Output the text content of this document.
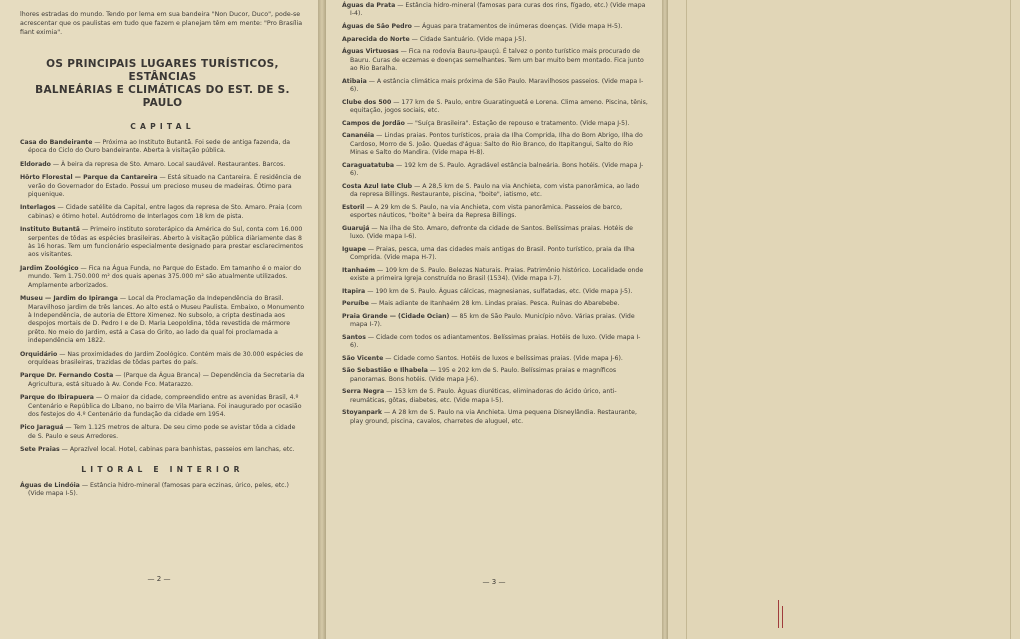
lhores estradas do mundo. Tendo por lema em sua bandeira "Non Ducor, Duco", pode-se acrescentar que os paulistas em tudo que fazem e planejam têm em mente: "Pro Brasília fiant eximia".

OS PRINCIPAIS LUGARES TURÍSTICOS, ESTÂNCIAS
BALNEÁRIAS E CLIMÁTICAS DO EST. DE S. PAULO
CAPITAL

Casa do Bandeirante — Próxima ao Instituto Butantã. Foi sede de antiga fazenda, da época do Ciclo do Ouro bandeirante. Aberta à visitação pública.

Eldorado — À beira da represa de Sto. Amaro. Local saudável. Restaurantes. Barcos.

Hôrto Florestal — Parque da Cantareira — Está situado na Cantareira. É residência de verão do Governador do Estado. Possui um precioso museu de madeiras. Ótimo para piquenique.

Interlagos — Cidade satélite da Capital, entre lagos da represa de Sto. Amaro. Praia (com cabinas) e ótimo hotel. Autódromo de Interlagos com 18 km de pista.

Instituto Butantã — Primeiro instituto soroterápico da América do Sul, conta com 16.000 serpentes de tôdas as espécies brasileiras. Aberto à visitação pública diàriamente das 8 às 16 horas. Tem um funcionário especialmente designado para prestar esclarecimentos aos visitantes.

Jardim Zoológico — Fica na Água Funda, no Parque do Estado. Em tamanho é o maior do mundo. Tem 1.750.000 m² dos quais apenas 375.000 m² são atualmente utilizados. Amplamente arborizados.

Museu — Jardim do Ipiranga — Local da Proclamação da Independência do Brasil. Maravilhoso jardim de três lances. Ao alto está o Museu Paulista. Embaixo, o Monumento à Independência, de autoria de Ettore Ximenez. No subsolo, a cripta destinada aos despojos mortais de D. Pedro I e de D. Maria Leopoldina, tôda revestida de mármore prêto. No meio do Jardim, está a Casa do Grito, ao lado da qual foi proclamada a independência em 1822.

Orquidário — Nas proximidades do Jardim Zoológico. Contém mais de 30.000 espécies de orquídeas brasileiras, trazidas de tôdas partes do país.

Parque Dr. Fernando Costa — (Parque da Água Branca) — Dependência da Secretaria da Agricultura, está situado à Av. Conde Fco. Matarazzo.

Parque do Ibirapuera — O maior da cidade, compreendido entre as avenidas Brasil, 4.º Centenário e República do Líbano, no bairro de Vila Mariana. Foi inaugurado por ocasião dos festejos do 4.º Centenário da fundação da cidade em 1954.

Pico Jaraguá — Tem 1.125 metros de altura. De seu cimo pode se avistar tôda a cidade de S. Paulo e seus Arredores.

Sete Praias — Aprazível local. Hotel, cabinas para banhistas, passeios em lanchas, etc.

LITORAL E INTERIOR

Águas de Lindóia — Estância hidro-mineral (famosas para eczinas, úrico, peles, etc.) (Vide mapa I-5).

— 2 —

Águas da Prata — Estância hidro-mineral (famosas para curas dos rins, fígado, etc.) (Vide mapa I-4).

Águas de São Pedro — Águas para tratamentos de inúmeras doenças. (Vide mapa H-5).

Aparecida do Norte — Cidade Santuário. (Vide mapa J-5).

Águas Virtuosas — Fica na rodovia Bauru-Ipauçú. É talvez o ponto turístico mais procurado de Bauru. Curas de eczemas e doenças semelhantes. Tem um bar muito bem montado. Fica junto ao Rio Baralha.

Atibaia — A estância climática mais próxima de São Paulo. Maravilhosos passeios. (Vide mapa I-6).

Clube dos 500 — 177 km de S. Paulo, entre Guaratinguetá e Lorena. Clima ameno. Piscina, tênis, equitação, jogos sociais, etc.

Campos de Jordão — "Suíça Brasileira". Estação de repouso e tratamento. (Vide mapa J-5).

Cananéia — Lindas praias. Pontos turísticos, praia da Ilha Comprida, Ilha do Bom Abrigo, Ilha do Cardoso, Morro de S. João. Quedas d'água: Salto do Rio Branco, do Itapitangui, Salto do Rio Minas e Salto do Mandira. (Vide mapa H-8).

Caraguatatuba — 192 km de S. Paulo. Agradável estância balneária. Bons hotéis. (Vide mapa J-6).

Costa Azul Iate Club — A 28,5 km de S. Paulo na via Anchieta, com vista panorâmica, ao lado da represa Billings. Restaurante, piscina, "boite", iatismo, etc.

Estoril — A 29 km de S. Paulo, na via Anchieta, com vista panorâmica. Passeios de barco, esportes náuticos, "boite" à beira da Represa Billings.

Guarujá — Na ilha de Sto. Amaro, defronte da cidade de Santos. Belíssimas praias. Hotéis de luxo. (Vide mapa I-6).

Iguape — Praias, pesca, uma das cidades mais antigas do Brasil. Ponto turístico, praia da Ilha Comprida. (Vide mapa H-7).

Itanhaém — 109 km de S. Paulo. Belezas Naturais. Praias. Patrimônio histórico. Localidade onde existe a primeira Igreja construída no Brasil (1534). (Vide mapa I-7).

Itapira — 190 km de S. Paulo. Águas cálcicas, magnesianas, sulfatadas, etc. (Vide mapa J-5).

Peruíbe — Mais adiante de Itanhaém 28 km. Lindas praias. Pesca. Ruínas do Abarebebe.

Praia Grande — (Cidade Ocian) — 85 km de São Paulo. Município nôvo. Várias praias. (Vide mapa I-7).

Santos — Cidade com todos os adiantamentos. Belíssimas praias. Hotéis de luxo. (Vide mapa I-6).

São Vicente — Cidade como Santos. Hotéis de luxos e belíssimas praias. (Vide mapa J-6).

São Sebastião e Ilhabela — 195 e 202 km de S. Paulo. Belíssimas praias e magníficos panoramas. Bons hotéis. (Vide mapa J-6).

Serra Negra — 153 km de S. Paulo. Águas diuréticas, eliminadoras do ácido úrico, anti-reumáticas, gôtas, diabetes, etc. (Vide mapa I-5).

Stoyanpark — A 28 km de S. Paulo na via Anchieta. Uma pequena Disneylândia. Restaurante, play ground, piscina, cavalos, charretes de aluguel, etc.

— 3 —
